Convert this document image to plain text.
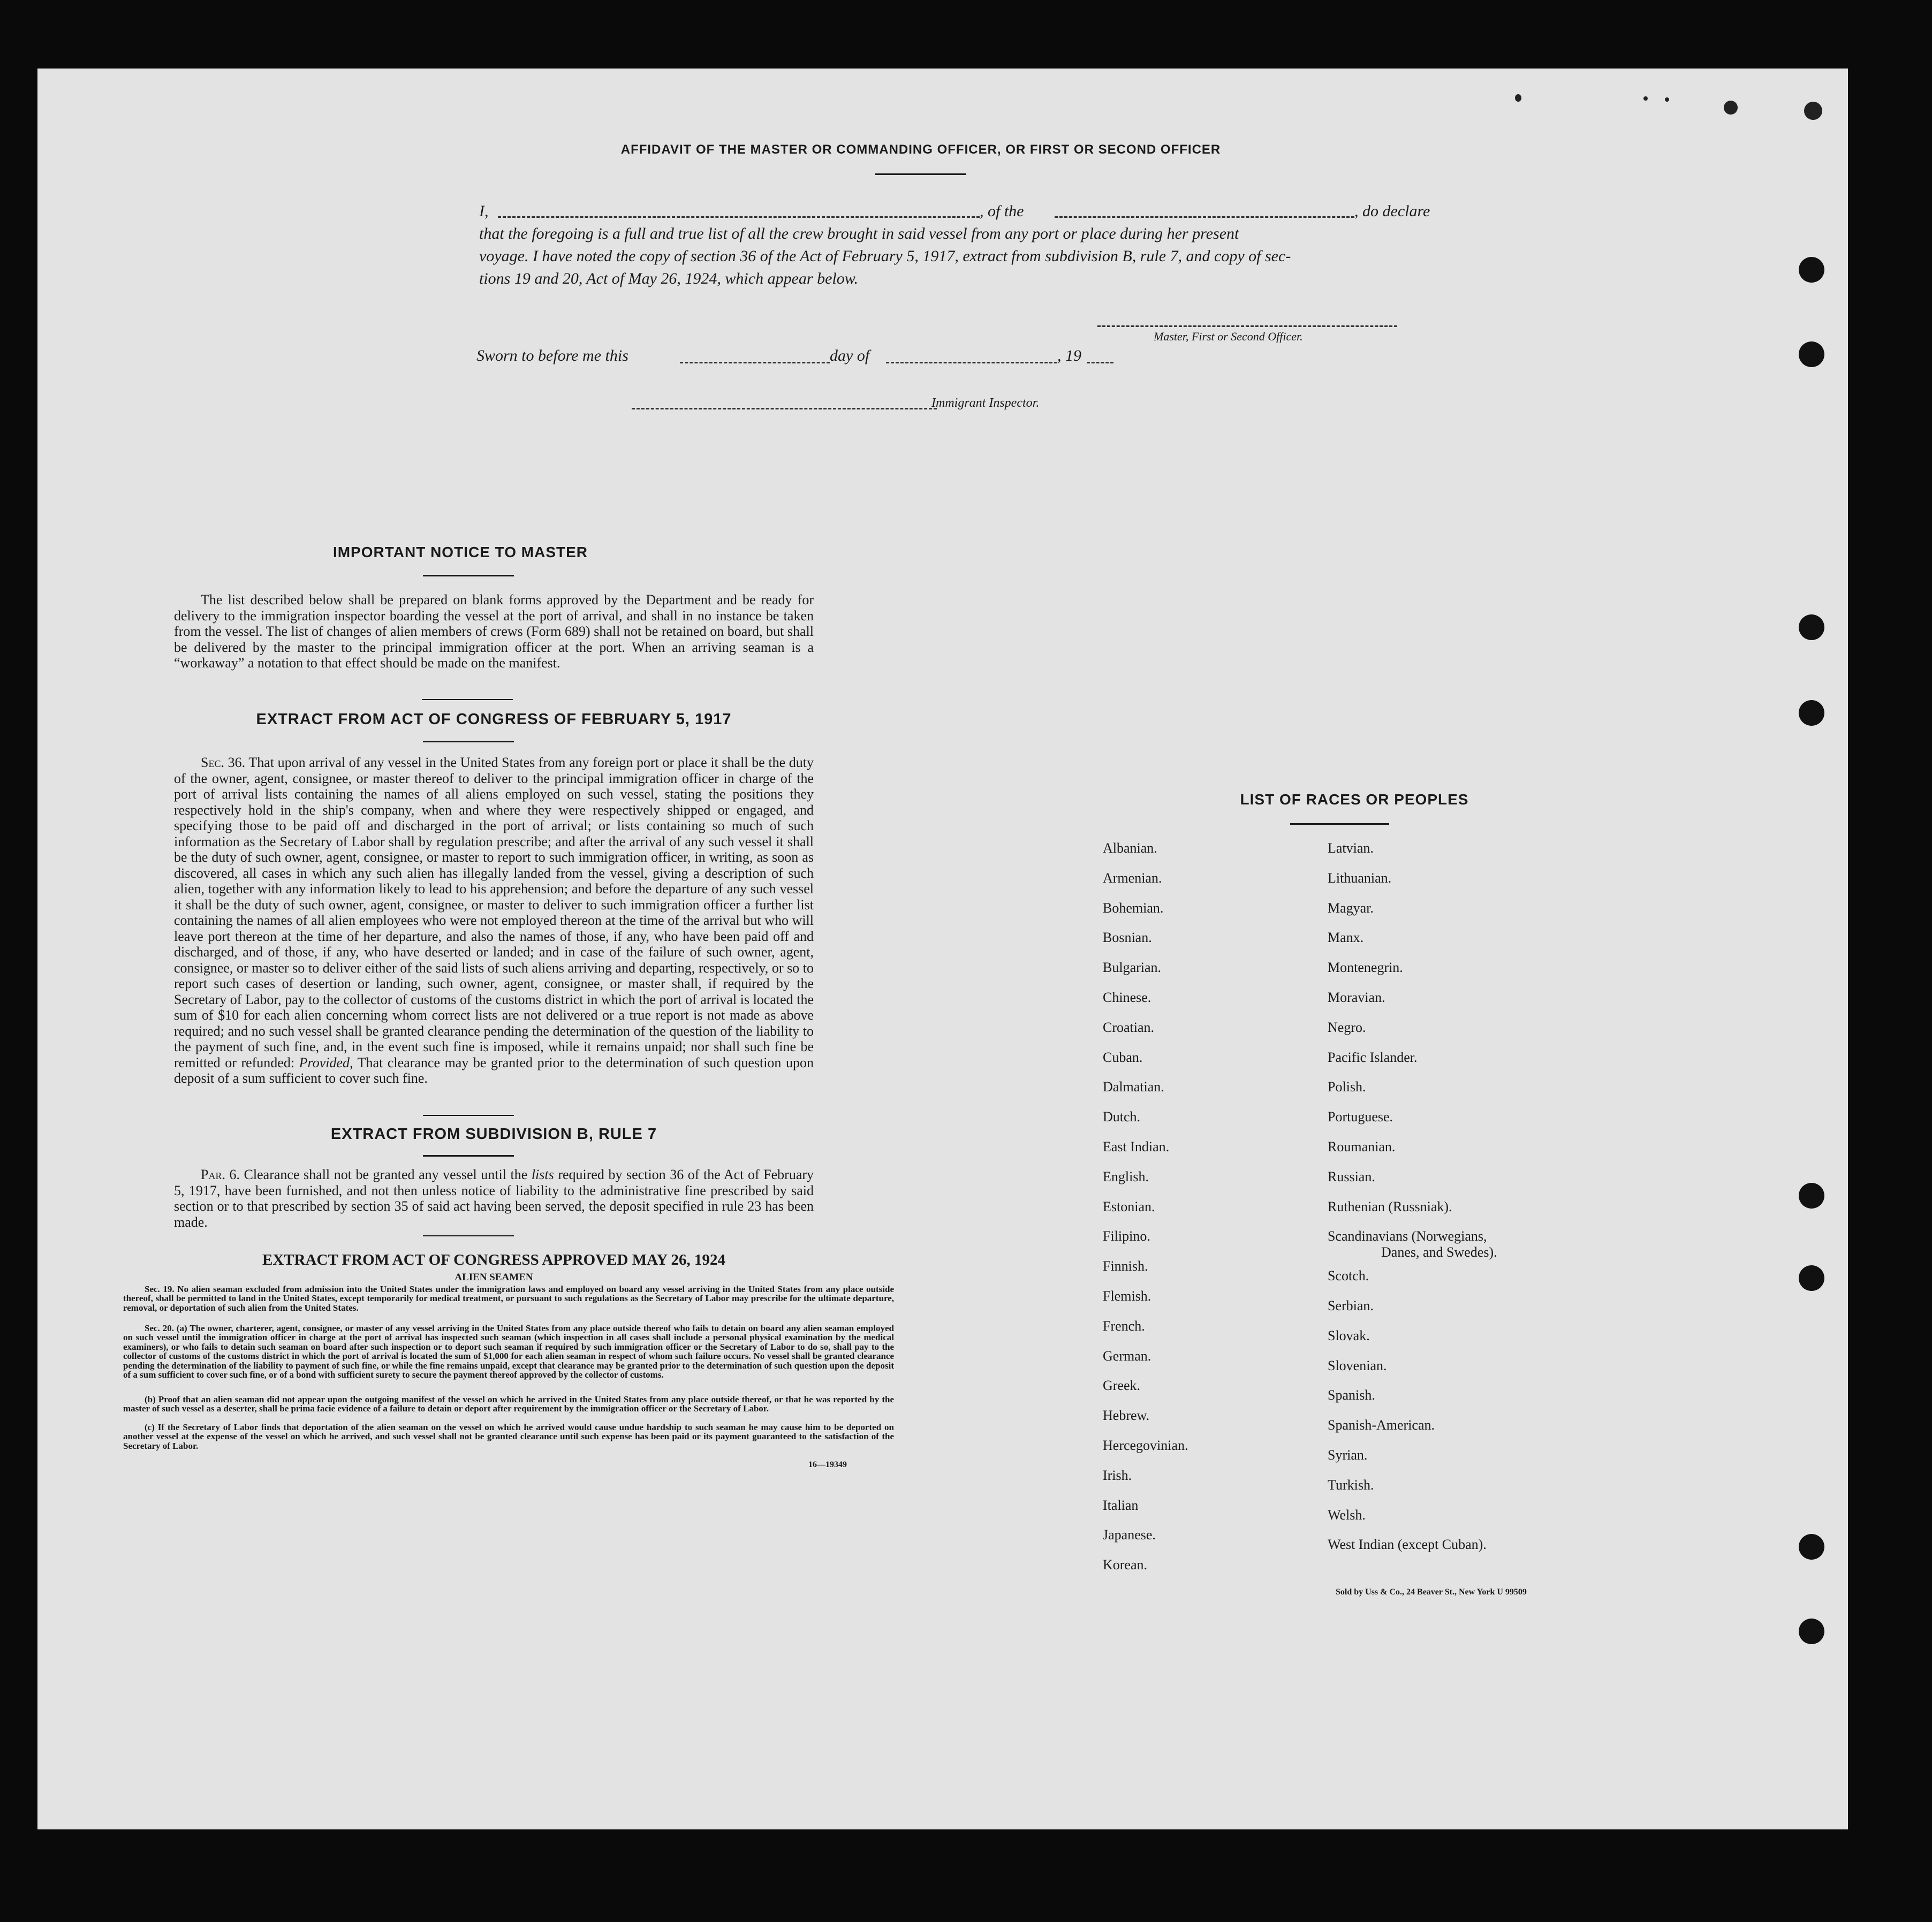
AFFIDAVIT OF THE MASTER OR COMMANDING OFFICER, OR FIRST OR SECOND OFFICER
I,	, of the	, do declare
that the foregoing is a full and true list of all the crew brought in said vessel from any port or place during her present
voyage. I have noted the copy of section 36 of the Act of February 5, 1917, extract from subdivision B, rule 7, and copy of sec-
tions 19 and 20, Act of May 26, 1924, which appear below.
Master, First or Second Officer.
Sworn to before me this	day of	, 19
Immigrant Inspector.
IMPORTANT NOTICE TO MASTER
The list described below shall be prepared on blank forms approved by the Department and be ready for delivery to the immigration inspector boarding the vessel at the port of arrival, and shall in no instance be taken from the vessel. The list of changes of alien members of crews (Form 689) shall not be retained on board, but shall be delivered by the master to the principal immigration officer at the port. When an arriving seaman is a “workaway” a notation to that effect should be made on the manifest.
EXTRACT FROM ACT OF CONGRESS OF FEBRUARY 5, 1917
Sec. 36. That upon arrival of any vessel in the United States from any foreign port or place it shall be the duty of the owner, agent, consignee, or master thereof to deliver to the principal immigration officer in charge of the port of arrival lists containing the names of all aliens employed on such vessel, stating the positions they respectively hold in the ship's company, when and where they were respectively shipped or engaged, and specifying those to be paid off and discharged in the port of arrival; or lists containing so much of such information as the Secretary of Labor shall by regulation prescribe; and after the arrival of any such vessel it shall be the duty of such owner, agent, consignee, or master to report to such immigration officer, in writing, as soon as discovered, all cases in which any such alien has illegally landed from the vessel, giving a description of such alien, together with any information likely to lead to his apprehension; and before the departure of any such vessel it shall be the duty of such owner, agent, consignee, or master to deliver to such immigration officer a further list containing the names of all alien employees who were not employed thereon at the time of the arrival but who will leave port thereon at the time of her departure, and also the names of those, if any, who have been paid off and discharged, and of those, if any, who have deserted or landed; and in case of the failure of such owner, agent, consignee, or master so to deliver either of the said lists of such aliens arriving and departing, respectively, or so to report such cases of desertion or landing, such owner, agent, consignee, or master shall, if required by the Secretary of Labor, pay to the collector of customs of the customs district in which the port of arrival is located the sum of $10 for each alien concerning whom correct lists are not delivered or a true report is not made as above required; and no such vessel shall be granted clearance pending the determination of the question of the liability to the payment of such fine, and, in the event such fine is imposed, while it remains unpaid; nor shall such fine be remitted or refunded: Provided, That clearance may be granted prior to the determination of such question upon deposit of a sum sufficient to cover such fine.
EXTRACT FROM SUBDIVISION B, RULE 7
Par. 6. Clearance shall not be granted any vessel until the lists required by section 36 of the Act of February 5, 1917, have been furnished, and not then unless notice of liability to the administrative fine prescribed by said section or to that prescribed by section 35 of said act having been served, the deposit specified in rule 23 has been made.
EXTRACT FROM ACT OF CONGRESS APPROVED MAY 26, 1924
ALIEN SEAMEN
Sec. 19. No alien seaman excluded from admission into the United States under the immigration laws and employed on board any vessel arriving in the United States from any place outside thereof, shall be permitted to land in the United States, except temporarily for medical treatment, or pursuant to such regulations as the Secretary of Labor may prescribe for the ultimate departure, removal, or deportation of such alien from the United States.
Sec. 20. (a) The owner, charterer, agent, consignee, or master of any vessel arriving in the United States from any place outside thereof who fails to detain on board any alien seaman employed on such vessel until the immigration officer in charge at the port of arrival has inspected such seaman (which inspection in all cases shall include a personal physical examination by the medical examiners), or who fails to detain such seaman on board after such inspection or to deport such seaman if required by such immigration officer or the Secretary of Labor to do so, shall pay to the collector of customs of the customs district in which the port of arrival is located the sum of $1,000 for each alien seaman in respect of whom such failure occurs. No vessel shall be granted clearance pending the determination of the liability to payment of such fine, or while the fine remains unpaid, except that clearance may be granted prior to the determination of such question upon the deposit of a sum sufficient to cover such fine, or of a bond with sufficient surety to secure the payment thereof approved by the collector of customs.
(b) Proof that an alien seaman did not appear upon the outgoing manifest of the vessel on which he arrived in the United States from any place outside thereof, or that he was reported by the master of such vessel as a deserter, shall be prima facie evidence of a failure to detain or deport after requirement by the immigration officer or the Secretary of Labor.
(c) If the Secretary of Labor finds that deportation of the alien seaman on the vessel on which he arrived would cause undue hardship to such seaman he may cause him to be deported on another vessel at the expense of the vessel on which he arrived, and such vessel shall not be granted clearance until such expense has been paid or its payment guaranteed to the satisfaction of the Secretary of Labor.
16—19349
LIST OF RACES OR PEOPLES
Sold by Uss & Co., 24 Beaver St., New York U 99509
Albanian.
Armenian.
Bohemian.
Bosnian.
Bulgarian.
Chinese.
Croatian.
Cuban.
Dalmatian.
Dutch.
East Indian.
English.
Estonian.
Filipino.
Finnish.
Flemish.
French.
German.
Greek.
Hebrew.
Hercegovinian.
Irish.
Italian
Japanese.
Korean.
Latvian.
Lithuanian.
Magyar.
Manx.
Montenegrin.
Moravian.
Negro.
Pacific Islander.
Polish.
Portuguese.
Roumanian.
Russian.
Ruthenian (Russniak).
Scandinavians (Norwegians,
Danes, and Swedes).
Scotch.
Serbian.
Slovak.
Slovenian.
Spanish.
Spanish-American.
Syrian.
Turkish.
Welsh.
West Indian (except Cuban).
